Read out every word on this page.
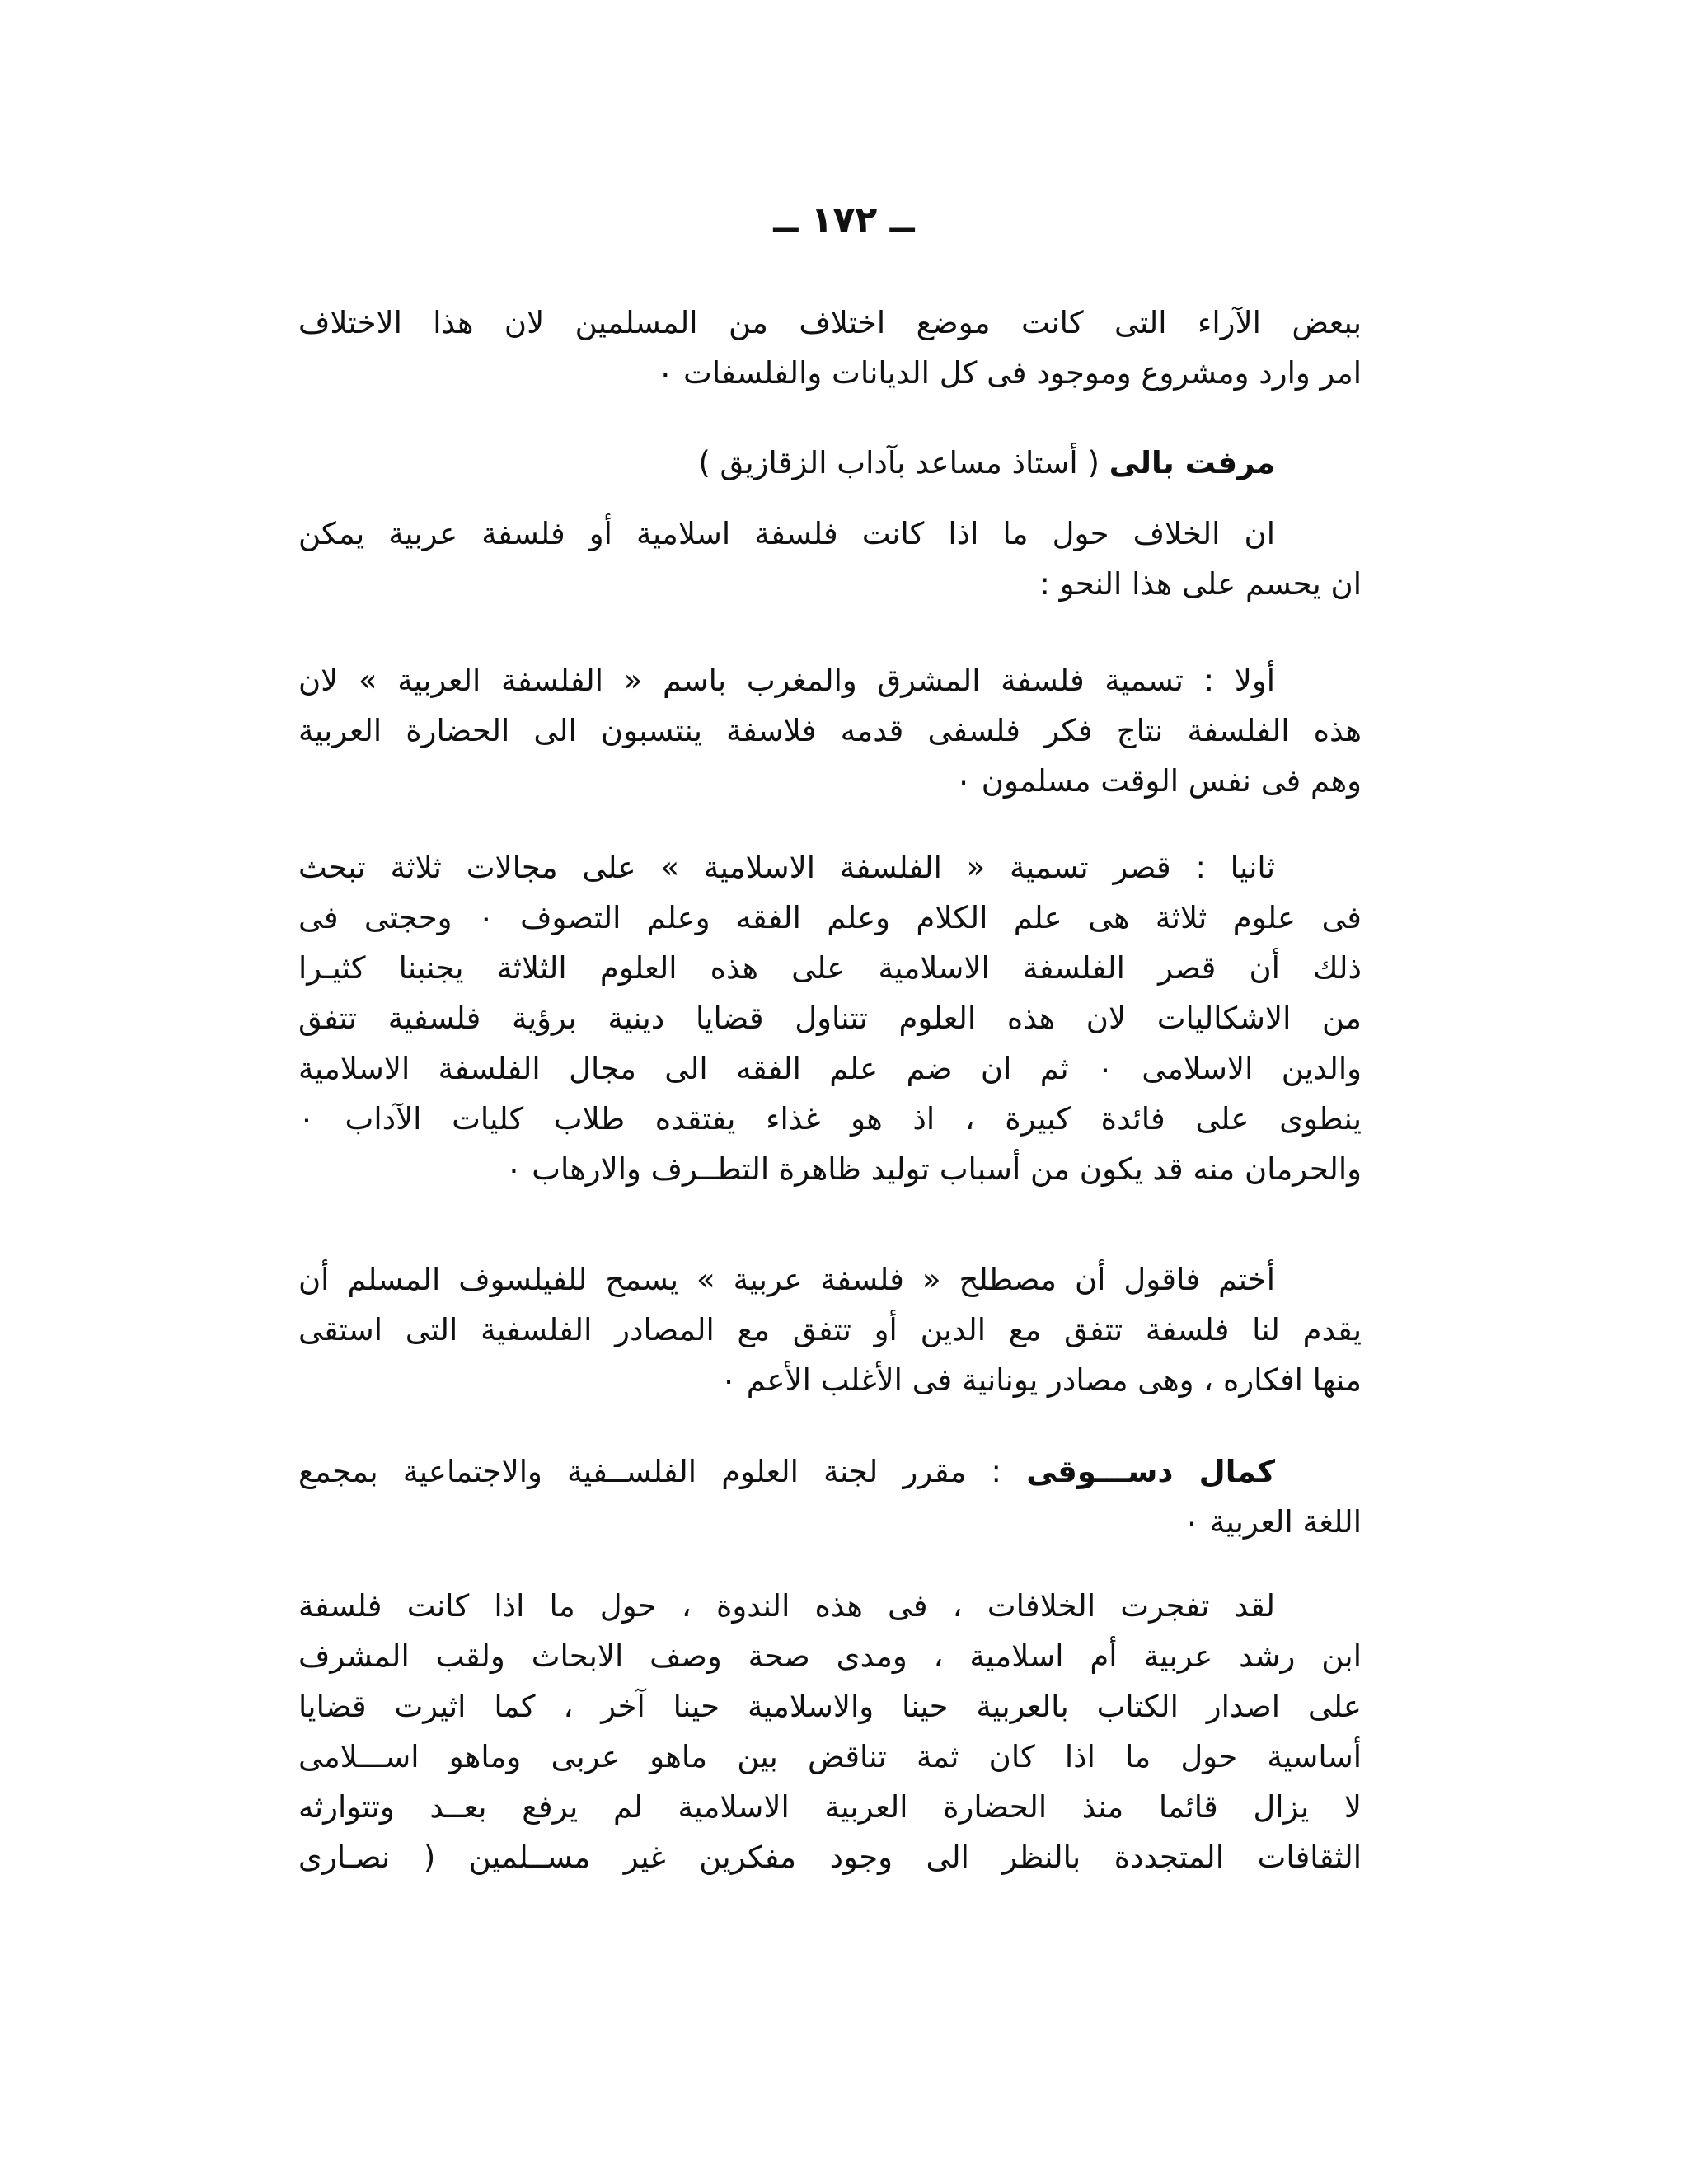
ــ ١٧٢ ــ
ببعض الآراء التى كانت موضع اختلاف من المسلمين لان هذا الاختلاف
امر وارد ومشروع وموجود فى كل الديانات والفلسفات ٠
مرفت بالى ( أستاذ مساعد بآداب الزقازيق )
ان الخلاف حول ما اذا كانت فلسفة اسلامية أو فلسفة عربية يمكن
ان يحسم على هذا النحو :
أولا : تسمية فلسفة المشرق والمغرب باسم « الفلسفة العربية » لان
هذه الفلسفة نتاج فكر فلسفى قدمه فلاسفة ينتسبون الى الحضارة العربية
وهم فى نفس الوقت مسلمون ٠
ثانيا : قصر تسمية « الفلسفة الاسلامية » على مجالات ثلاثة تبحث
فى علوم ثلاثة هى علم الكلام وعلم الفقه وعلم التصوف ٠ وحجتى فى
ذلك أن قصر الفلسفة الاسلامية على هذه العلوم الثلاثة يجنبنا كثيـرا
من الاشكاليات لان هذه العلوم تتناول قضايا دينية برؤية فلسفية تتفق
والدين الاسلامى ٠ ثم ان ضم علم الفقه الى مجال الفلسفة الاسلامية
ينطوى على فائدة كبيرة ، اذ هو غذاء يفتقده طلاب كليات الآداب ٠
والحرمان منه قد يكون من أسباب توليد ظاهرة التطــرف والارهاب ٠
أختم فاقول أن مصطلح « فلسفة عربية » يسمح للفيلسوف المسلم أن
يقدم لنا فلسفة تتفق مع الدين أو تتفق مع المصادر الفلسفية التى استقى
منها افكاره ، وهى مصادر يونانية فى الأغلب الأعم ٠
كمال دســـوقى : مقرر لجنة العلوم الفلســفية والاجتماعية بمجمع
اللغة العربية ٠
لقد تفجرت الخلافات ، فى هذه الندوة ، حول ما اذا كانت فلسفة
ابن رشد عربية أم اسلامية ، ومدى صحة وصف الابحاث ولقب المشرف
على اصدار الكتاب بالعربية حينا والاسلامية حينا آخر ، كما اثيرت قضايا
أساسية حول ما اذا كان ثمة تناقض بين ماهو عربى وماهو اســـلامى
لا يزال قائما منذ الحضارة العربية الاسلامية لم يرفع بعــد وتتوارثه
الثقافات المتجددة بالنظر الى وجود مفكرين غير مســلمين ( نصـارى
